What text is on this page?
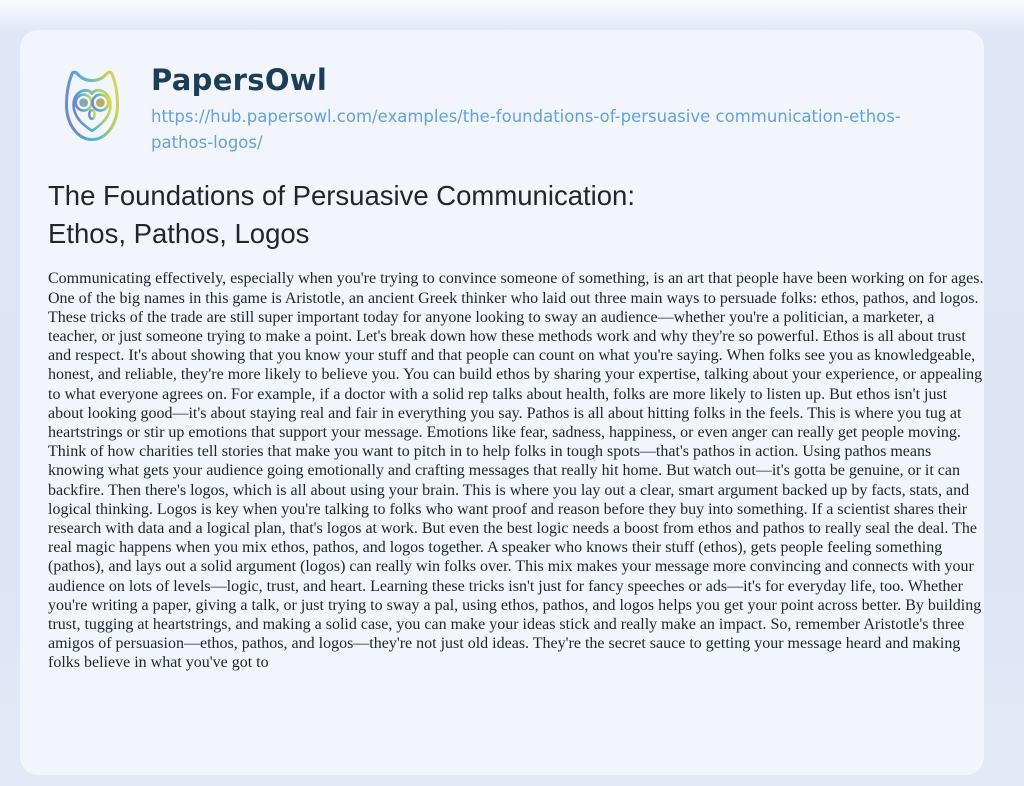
PapersOwl
https://hub.papersowl.com/examples/the-foundations-of-persuasive communication-ethos-pathos-logos/
The Foundations of Persuasive Communication:
Ethos, Pathos, Logos

Communicating effectively, especially when you're trying to convince someone of something, is an art that people have been working on for ages. One of the big names in this game is Aristotle, an ancient Greek thinker who laid out three main ways to persuade folks: ethos, pathos, and logos. These tricks of the trade are still super important today for anyone looking to sway an audience—whether you're a politician, a marketer, a teacher, or just someone trying to make a point. Let's break down how these methods work and why they're so powerful. Ethos is all about trust and respect. It's about showing that you know your stuff and that people can count on what you're saying. When folks see you as knowledgeable, honest, and reliable, they're more likely to believe you. You can build ethos by sharing your expertise, talking about your experience, or appealing to what everyone agrees on. For example, if a doctor with a solid rep talks about health, folks are more likely to listen up. But ethos isn't just about looking good—it's about staying real and fair in everything you say. Pathos is all about hitting folks in the feels. This is where you tug at heartstrings or stir up emotions that support your message. Emotions like fear, sadness, happiness, or even anger can really get people moving. Think of how charities tell stories that make you want to pitch in to help folks in tough spots—that's pathos in action. Using pathos means knowing what gets your audience going emotionally and crafting messages that really hit home. But watch out—it's gotta be genuine, or it can backfire. Then there's logos, which is all about using your brain. This is where you lay out a clear, smart argument backed up by facts, stats, and logical thinking. Logos is key when you're talking to folks who want proof and reason before they buy into something. If a scientist shares their research with data and a logical plan, that's logos at work. But even the best logic needs a boost from ethos and pathos to really seal the deal. The real magic happens when you mix ethos, pathos, and logos together. A speaker who knows their stuff (ethos), gets people feeling something (pathos), and lays out a solid argument (logos) can really win folks over. This mix makes your message more convincing and connects with your audience on lots of levels—logic, trust, and heart. Learning these tricks isn't just for fancy speeches or ads—it's for everyday life, too. Whether you're writing a paper, giving a talk, or just trying to sway a pal, using ethos, pathos, and logos helps you get your point across better. By building trust, tugging at heartstrings, and making a solid case, you can make your ideas stick and really make an impact. So, remember Aristotle's three amigos of persuasion—ethos, pathos, and logos—they're not just old ideas. They're the secret sauce to getting your message heard and making folks believe in what you've got to
